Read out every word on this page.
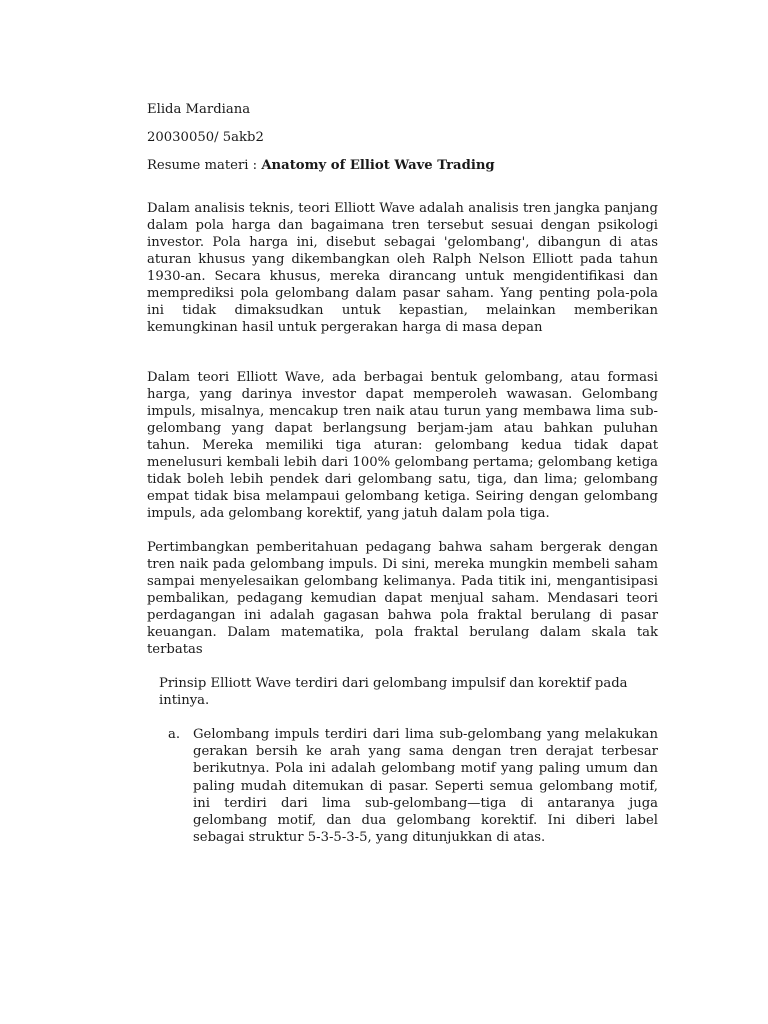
Elida Mardiana
20030050/ 5akb2
Resume materi : Anatomy of Elliot Wave Trading

Dalam analisis teknis, teori Elliott Wave adalah analisis tren jangka panjang dalam pola harga dan bagaimana tren tersebut sesuai dengan psikologi investor. Pola harga ini, disebut sebagai 'gelombang', dibangun di atas aturan khusus yang dikembangkan oleh Ralph Nelson Elliott pada tahun 1930-an. Secara khusus, mereka dirancang untuk mengidentifikasi dan memprediksi pola gelombang dalam pasar saham. Yang penting pola-pola ini tidak dimaksudkan untuk kepastian, melainkan memberikan kemungkinan hasil untuk pergerakan harga di masa depan

Dalam teori Elliott Wave, ada berbagai bentuk gelombang, atau formasi harga, yang darinya investor dapat memperoleh wawasan. Gelombang impuls, misalnya, mencakup tren naik atau turun yang membawa lima sub-gelombang yang dapat berlangsung berjam-jam atau bahkan puluhan tahun. Mereka memiliki tiga aturan: gelombang kedua tidak dapat menelusuri kembali lebih dari 100% gelombang pertama; gelombang ketiga tidak boleh lebih pendek dari gelombang satu, tiga, dan lima; gelombang empat tidak bisa melampaui gelombang ketiga. Seiring dengan gelombang impuls, ada gelombang korektif, yang jatuh dalam pola tiga.

Pertimbangkan pemberitahuan pedagang bahwa saham bergerak dengan tren naik pada gelombang impuls. Di sini, mereka mungkin membeli saham sampai menyelesaikan gelombang kelimanya. Pada titik ini, mengantisipasi pembalikan, pedagang kemudian dapat menjual saham. Mendasari teori perdagangan ini adalah gagasan bahwa pola fraktal berulang di pasar keuangan. Dalam matematika, pola fraktal berulang dalam skala tak terbatas

Prinsip Elliott Wave terdiri dari gelombang impulsif dan korektif pada intinya.

a. Gelombang impuls terdiri dari lima sub-gelombang yang melakukan gerakan bersih ke arah yang sama dengan tren derajat terbesar berikutnya. Pola ini adalah gelombang motif yang paling umum dan paling mudah ditemukan di pasar. Seperti semua gelombang motif, ini terdiri dari lima sub-gelombang—tiga di antaranya juga gelombang motif, dan dua gelombang korektif. Ini diberi label sebagai struktur 5-3-5-3-5, yang ditunjukkan di atas.
